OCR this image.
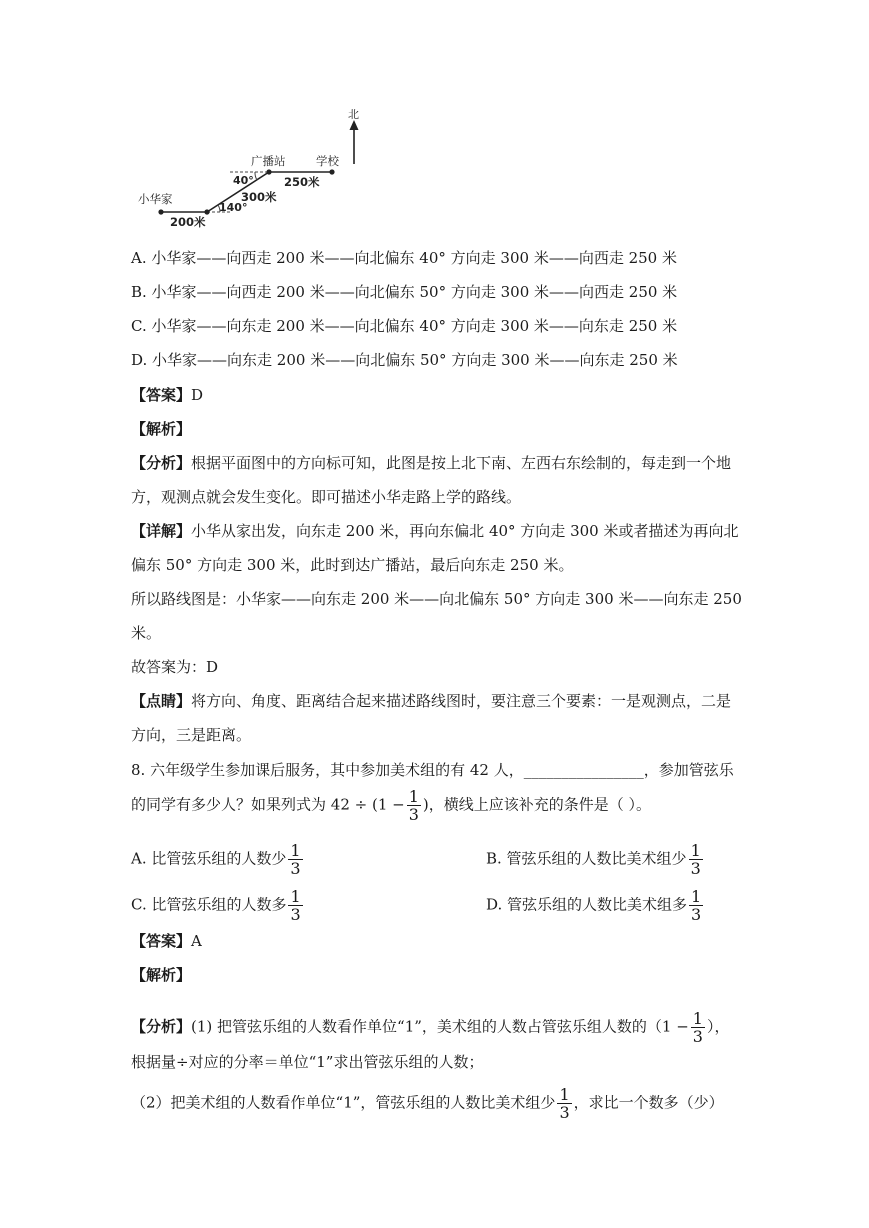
北
小华家
广播站	学校
200米
300米
250米
40°
140°
A. 小华家——向西走 200 米——向北偏东 40° 方向走 300 米——向西走 250 米
B. 小华家——向西走 200 米——向北偏东 50° 方向走 300 米——向西走 250 米
C. 小华家——向东走 200 米——向北偏东 40° 方向走 300 米——向东走 250 米
D. 小华家——向东走 200 米——向北偏东 50° 方向走 300 米——向东走 250 米
【答案】D
【解析】
【分析】根据平面图中的方向标可知，此图是按上北下南、左西右东绘制的，每走到一个地
方，观测点就会发生变化。即可描述小华走路上学的路线。
【详解】小华从家出发，向东走 200 米，再向东偏北 40° 方向走 300 米或者描述为再向北
偏东 50° 方向走 300 米，此时到达广播站，最后向东走 250 米。
所以路线图是：小华家——向东走 200 米——向北偏东 50° 方向走 300 米——向东走 250
米。
故答案为：D
【点睛】将方向、角度、距离结合起来描述路线图时，要注意三个要素：一是观测点，二是
方向，三是距离。
8. 六年级学生参加课后服务，其中参加美术组的有 42 人，________________，参加管弦乐
的同学有多少人？如果列式为 $42 \div (1 - \frac{1}{3}$ )，横线上应该补充的条件是（ ）。
A. 比管弦乐组的人数少 $\frac{1}{3}$	B. 管弦乐组的人数比美术组少 $\frac{1}{3}$
C. 比管弦乐组的人数多 $\frac{1}{3}$	D. 管弦乐组的人数比美术组多 $\frac{1}{3}$
【答案】A
【解析】
【分析】(1) 把管弦乐组的人数看作单位“1”，美术组的人数占管弦乐组人数的（$1 - \frac{1}{3}$ ），
根据量÷对应的分率＝单位“1”求出管弦乐组的人数；
（2）把美术组的人数看作单位“1”，管弦乐组的人数比美术组少 $\frac{1}{3}$ ，求比一个数多（少）
